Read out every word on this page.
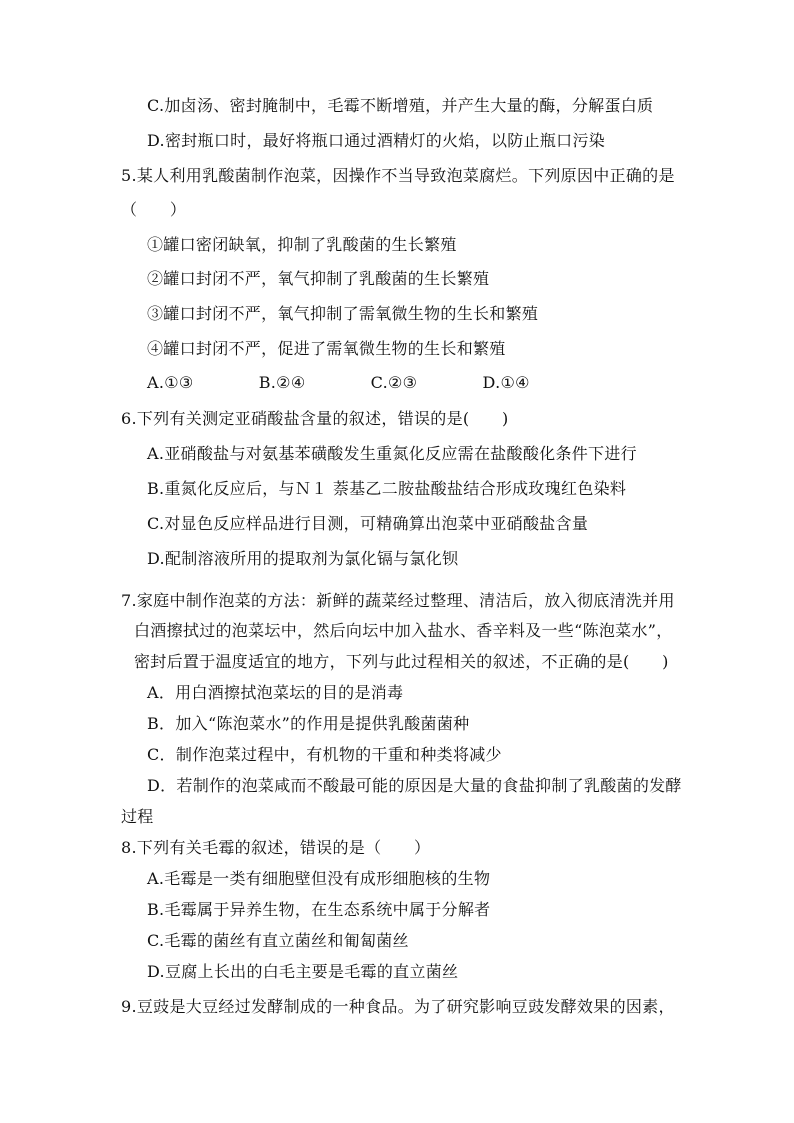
C.加卤汤、密封腌制中，毛霉不断增殖，并产生大量的酶，分解蛋白质
D.密封瓶口时，最好将瓶口通过酒精灯的火焰，以防止瓶口污染
5.某人利用乳酸菌制作泡菜，因操作不当导致泡菜腐烂。下列原因中正确的是
（　　）
①罐口密闭缺氧，抑制了乳酸菌的生长繁殖
②罐口封闭不严，氧气抑制了乳酸菌的生长繁殖
③罐口封闭不严，氧气抑制了需氧微生物的生长和繁殖
④罐口封闭不严，促进了需氧微生物的生长和繁殖
A.①③　　　　B.②④　　　　C.②③　　　　D.①④
6.下列有关测定亚硝酸盐含量的叙述，错误的是(　　)
A.亚硝酸盐与对氨基苯磺酸发生重氮化反应需在盐酸酸化条件下进行
B.重氮化反应后，与Ｎ１ 萘基乙二胺盐酸盐结合形成玫瑰红色染料
C.对显色反应样品进行目测，可精确算出泡菜中亚硝酸盐含量
D.配制溶液所用的提取剂为氯化镉与氯化钡
7.家庭中制作泡菜的方法：新鲜的蔬菜经过整理、清洁后，放入彻底清洗并用
白酒擦拭过的泡菜坛中，然后向坛中加入盐水、香辛料及一些“陈泡菜水”，
密封后置于温度适宜的地方，下列与此过程相关的叙述，不正确的是(　　)
A．用白酒擦拭泡菜坛的目的是消毒
B．加入“陈泡菜水”的作用是提供乳酸菌菌种
C．制作泡菜过程中，有机物的干重和种类将减少
D．若制作的泡菜咸而不酸最可能的原因是大量的食盐抑制了乳酸菌的发酵
过程
8.下列有关毛霉的叙述，错误的是（　　）
A.毛霉是一类有细胞壁但没有成形细胞核的生物
B.毛霉属于异养生物，在生态系统中属于分解者
C.毛霉的菌丝有直立菌丝和匍匐菌丝
D.豆腐上长出的白毛主要是毛霉的直立菌丝
9.豆豉是大豆经过发酵制成的一种食品。为了研究影响豆豉发酵效果的因素，
